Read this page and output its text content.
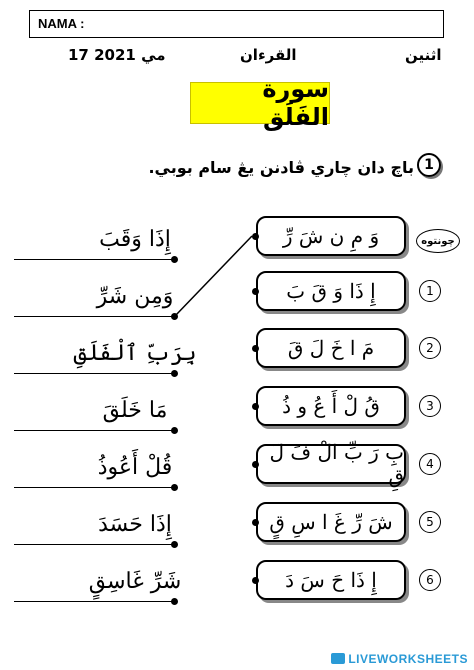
NAMA :
17 مي 2021	القرءان	اثنين
سورة الفَلَق
1
باچ دان چاري ڤادنن يڠ سام بوبي.
چونتوه
إِذَا وَقَبَ
وَمِن شَرِّ
بِرَبِّ ٱلْفَلَقِ
مَا خَلَقَ
قُلْ أَعُوذُ
إِذَا حَسَدَ
شَرِّ غَاسِقٍ
وَ مِ ن شَ رِّ
إِ ذَا وَ قَ بَ	1
مَ ا خَ لَ قَ	2
قُ لْ أَ عُ و ذُ	3
بِ رَ بِّ الْ فَ لَ قِ	4
شَ رِّ غَ ا سِ قٍ	5
إِ ذَا حَ سَ دَ	6
LIVEWORKSHEETS
